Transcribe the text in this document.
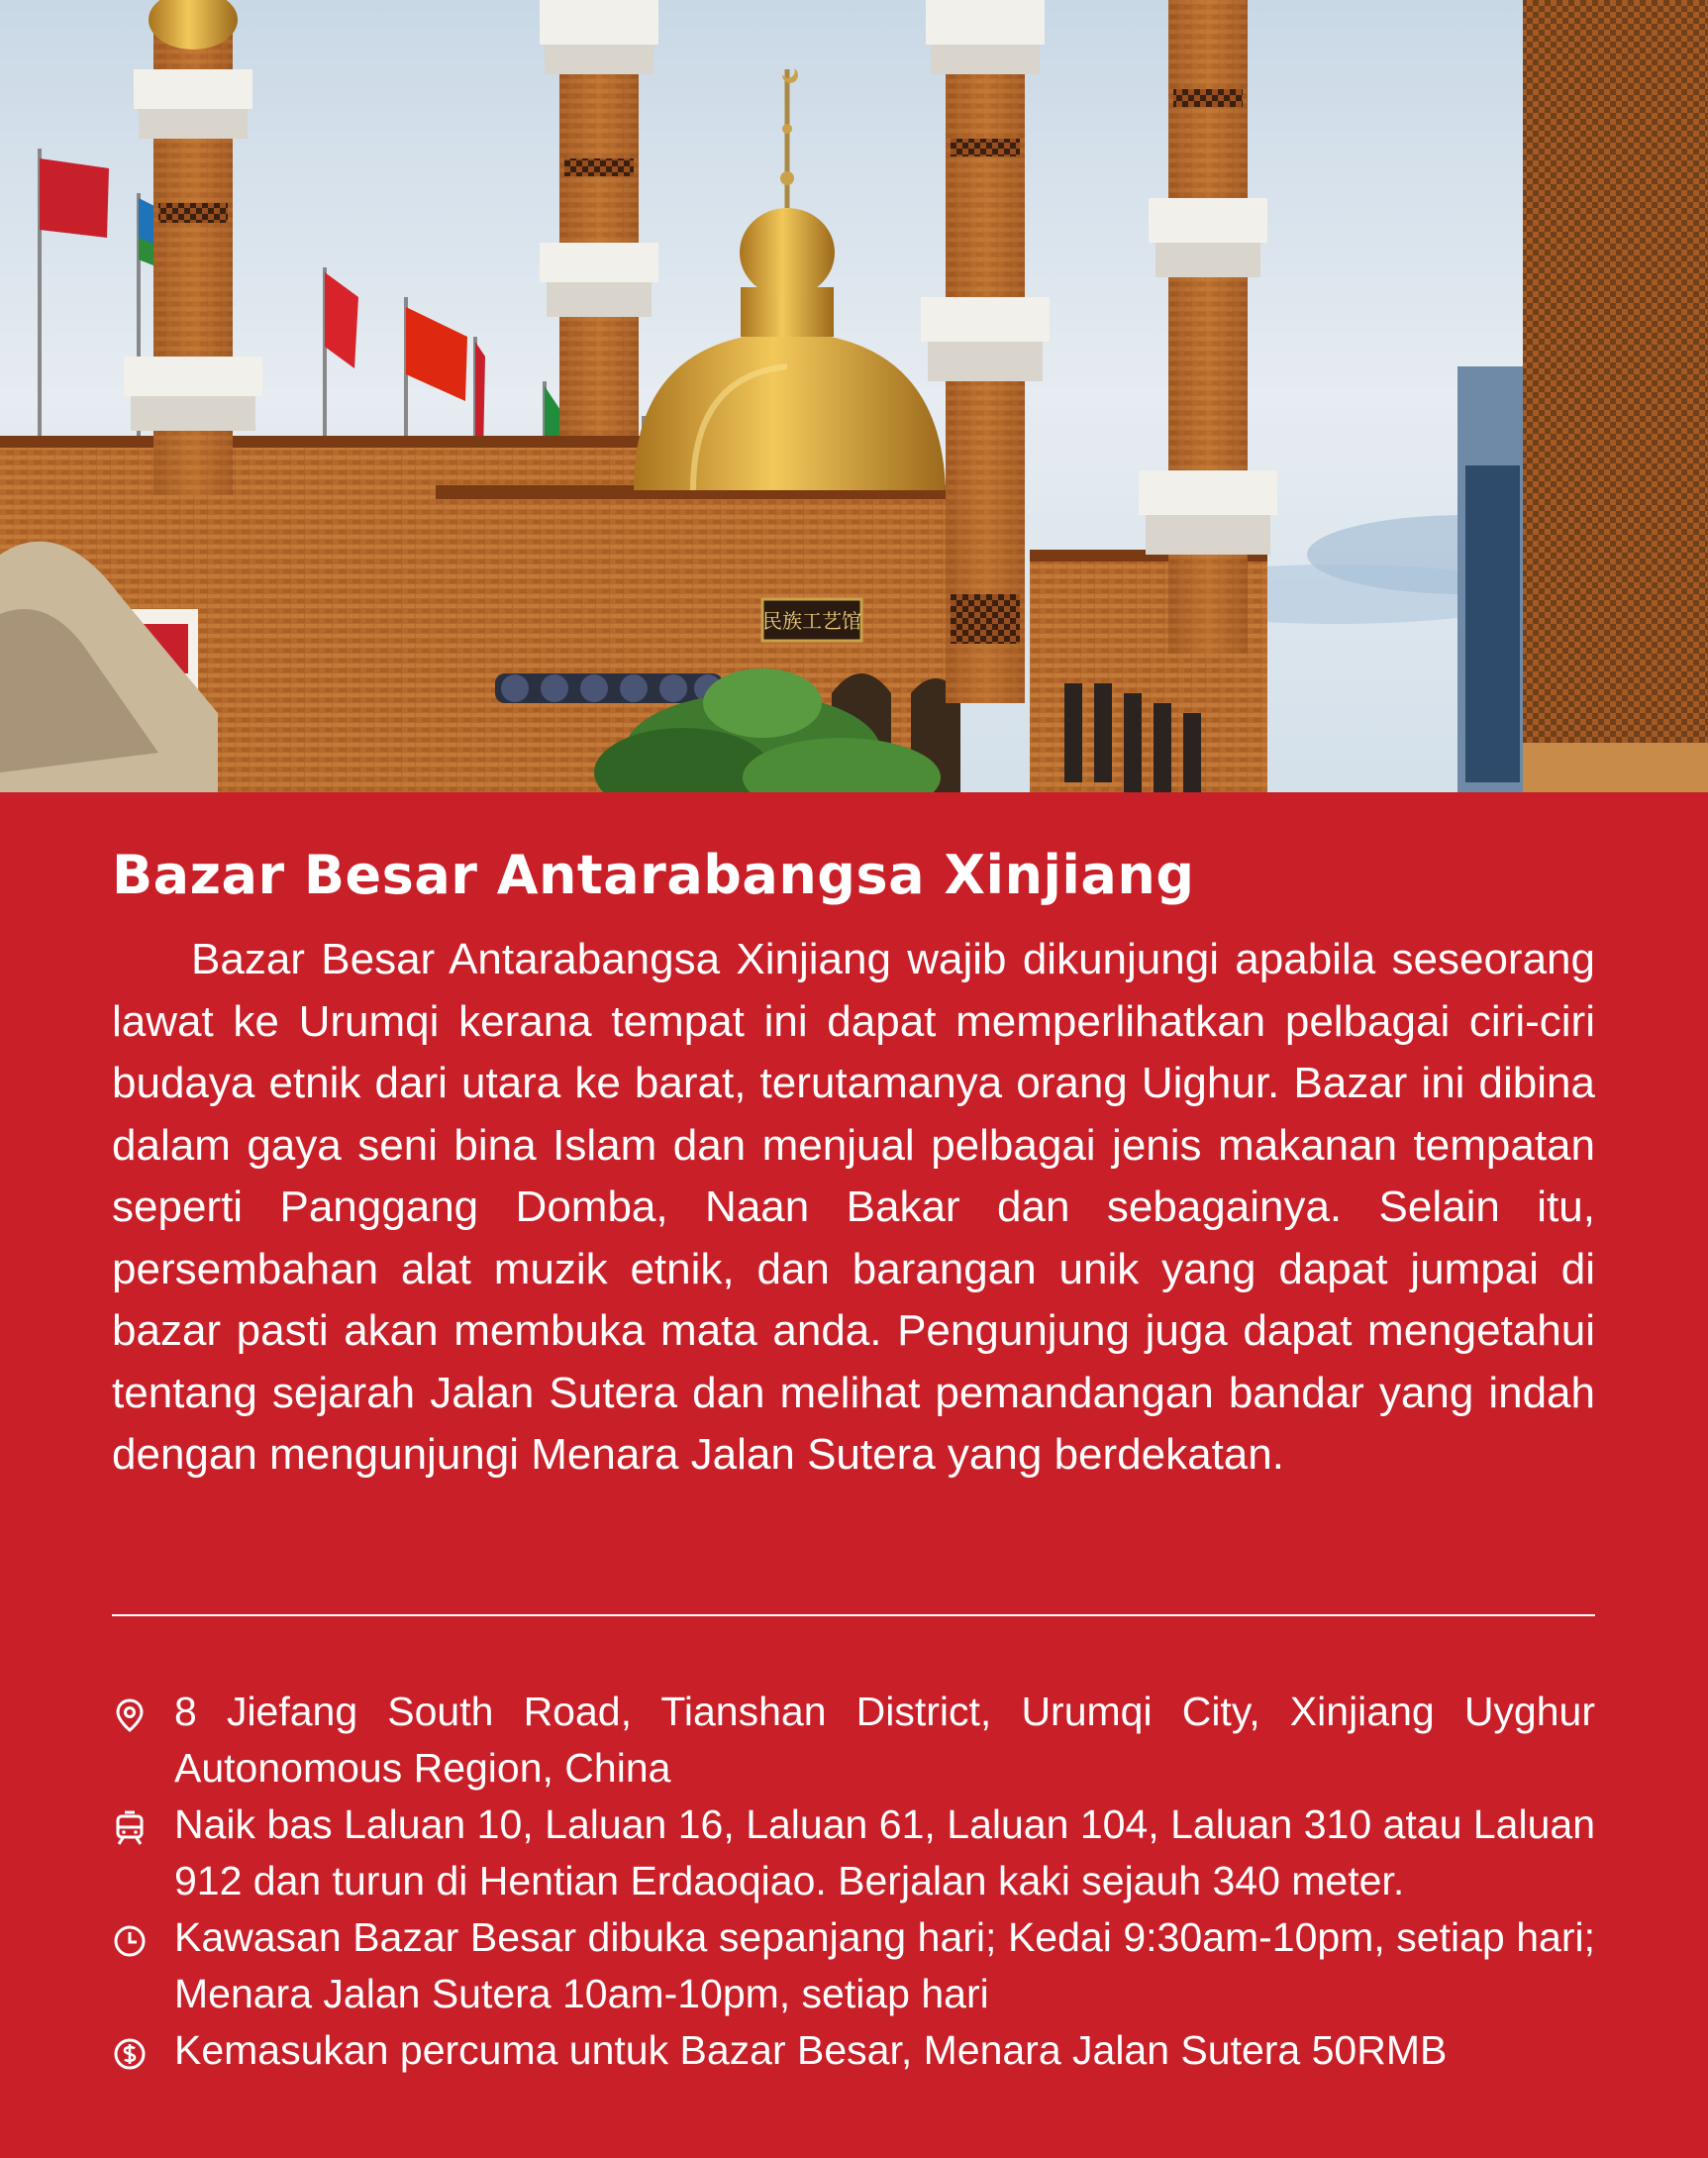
民族工艺馆
Bazar Besar Antarabangsa Xinjiang

Bazar Besar Antarabangsa Xinjiang wajib dikunjungi apabila seseorang lawat ke Urumqi kerana tempat ini dapat memperlihatkan pelbagai ciri-ciri budaya etnik dari utara ke barat, terutamanya orang Uighur. Bazar ini dibina dalam gaya seni bina Islam dan menjual pelbagai jenis makanan tempatan seperti Panggang Domba, Naan Bakar dan sebagainya. Selain itu, persembahan alat muzik etnik, dan barangan unik yang dapat jumpai di bazar pasti akan membuka mata anda. Pengunjung juga dapat mengetahui tentang sejarah Jalan Sutera dan melihat pemandangan bandar yang indah dengan mengunjungi Menara Jalan Sutera yang berdekatan.

8 Jiefang South Road, Tianshan District, Urumqi City, Xinjiang Uyghur Autonomous Region, China
Naik bas Laluan 10, Laluan 16, Laluan 61, Laluan 104, Laluan 310 atau Laluan 912 dan turun di Hentian Erdaoqiao. Berjalan kaki sejauh 340 meter.
Kawasan Bazar Besar dibuka sepanjang hari; Kedai 9:30am-10pm, setiap hari; Menara Jalan Sutera 10am-10pm, setiap hari
Kemasukan percuma untuk Bazar Besar, Menara Jalan Sutera 50RMB
